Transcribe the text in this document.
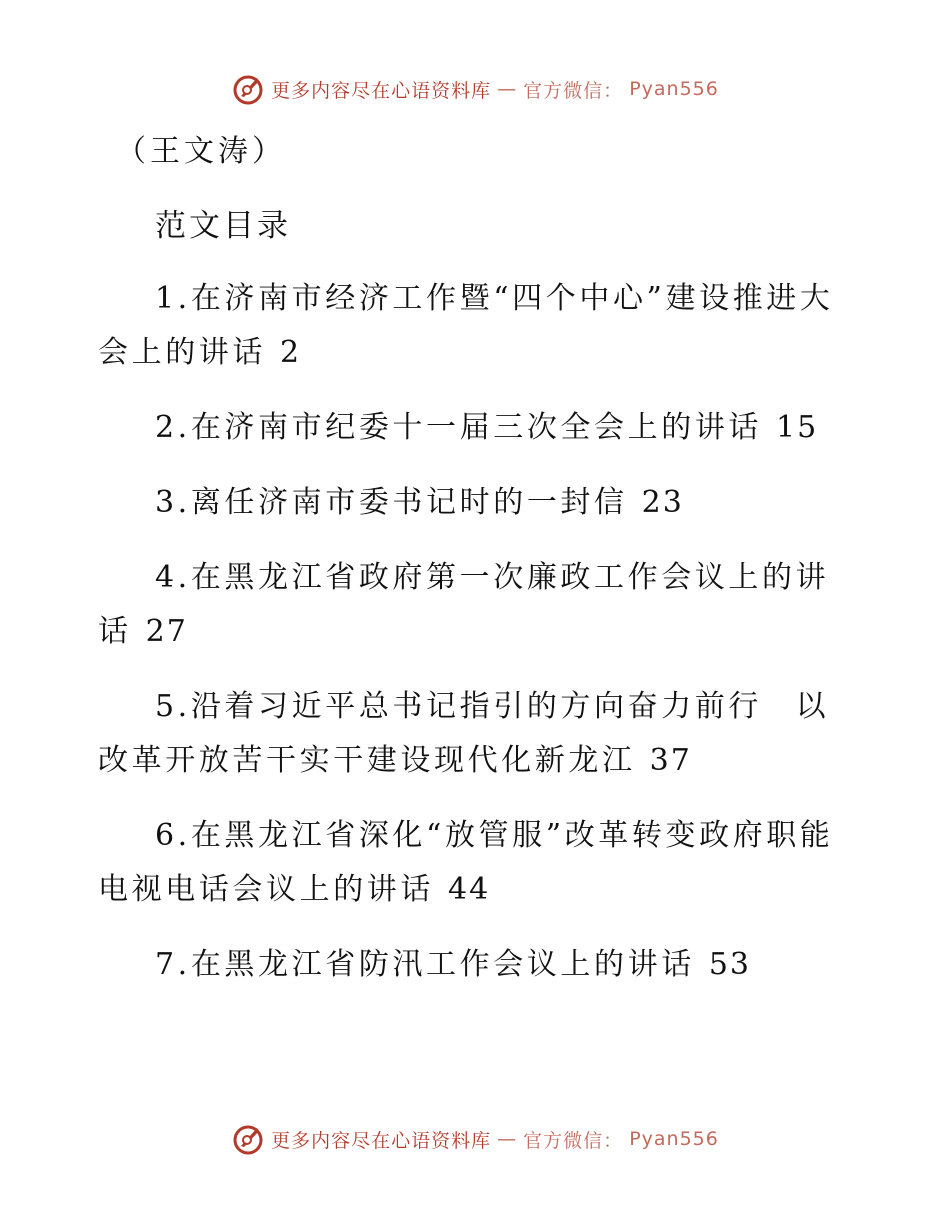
更多内容尽在心语资料库 — 官方微信： Pyan556
（王文涛）
范文目录
1.在济南市经济工作暨“四个中心”建设推进大会上的讲话 2
2.在济南市纪委十一届三次全会上的讲话 15
3.离任济南市委书记时的一封信 23
4.在黑龙江省政府第一次廉政工作会议上的讲话 27
5.沿着习近平总书记指引的方向奋力前行　以改革开放苦干实干建设现代化新龙江 37
6.在黑龙江省深化“放管服”改革转变政府职能电视电话会议上的讲话 44
7.在黑龙江省防汛工作会议上的讲话 53
更多内容尽在心语资料库 — 官方微信： Pyan556
